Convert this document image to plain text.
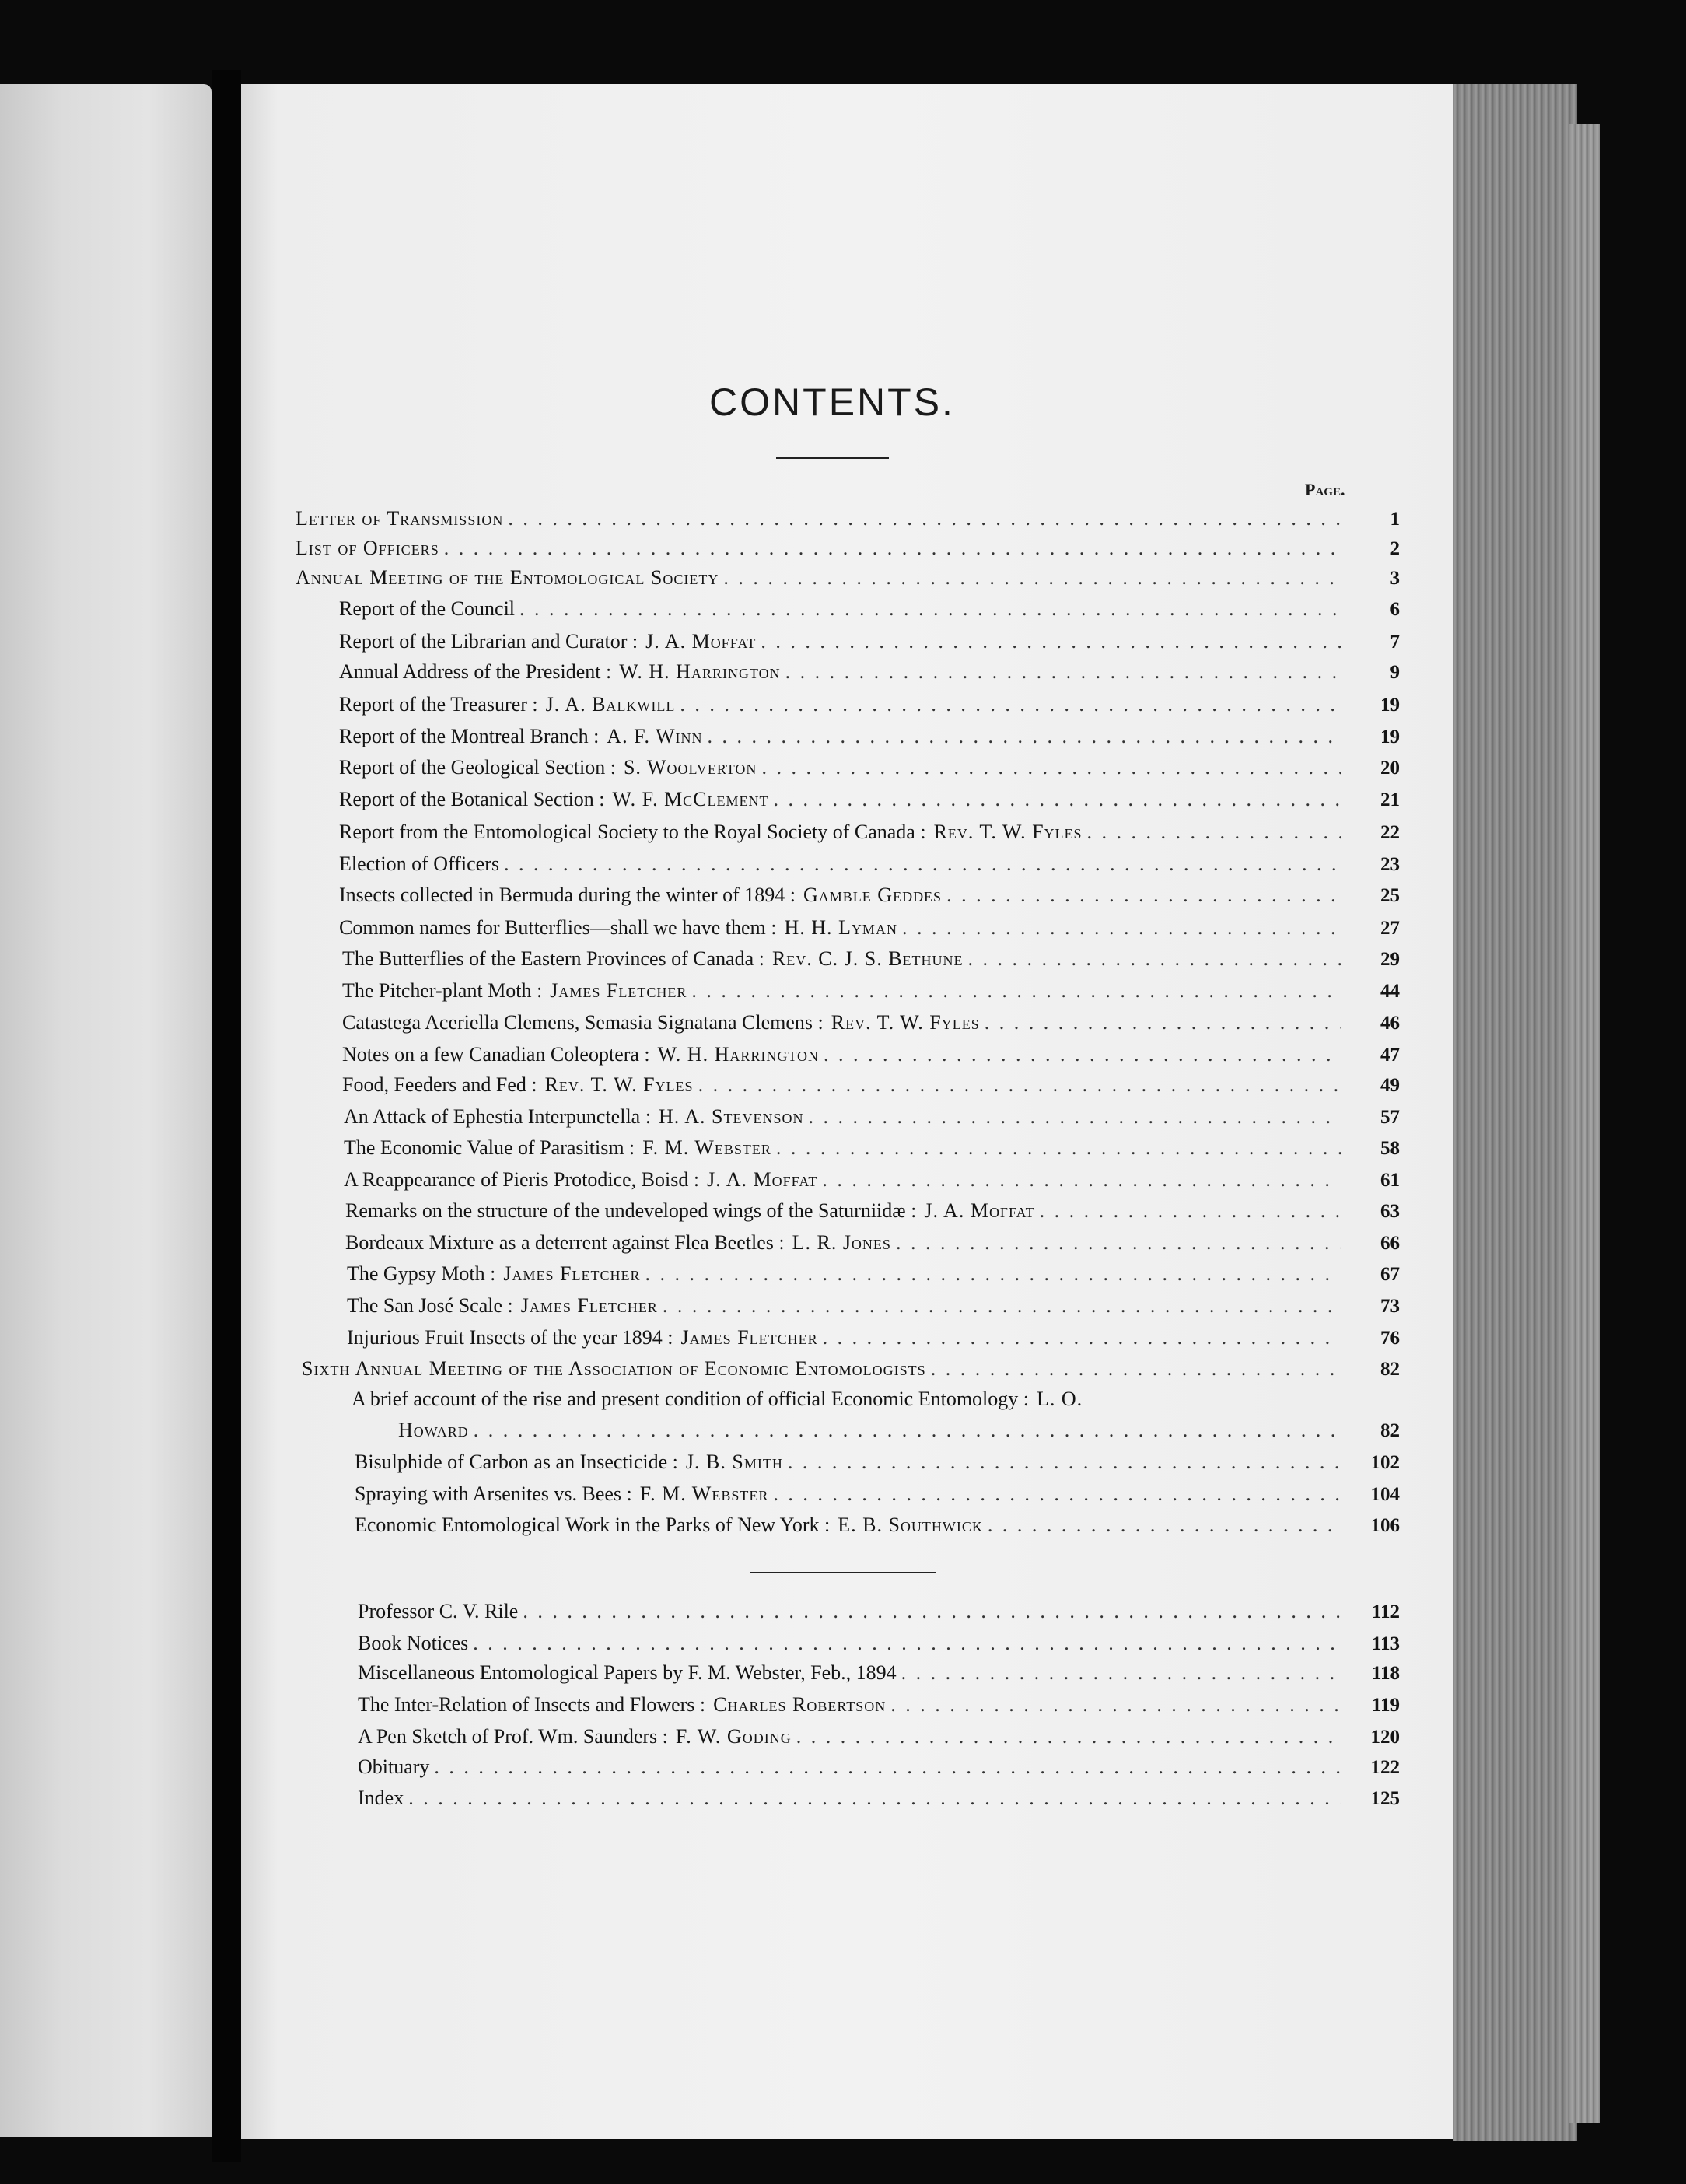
CONTENTS.
Page.
Letter of Transmission . . .	1
List of Officers . . .	2
Annual Meeting of the Entomological Society . . .	3
Report of the Council . . .	6
Report of the Librarian and Curator : J. A. Moffat . . .	7
Annual Address of the President : W. H. Harrington . . .	9
Report of the Treasurer : J. A. Balkwill . . .	19
Report of the Montreal Branch : A. F. Winn . . .	19
Report of the Geological Section : S. Woolverton . . .	20
Report of the Botanical Section : W. F. McClement . . .	21
Report from the Entomological Society to the Royal Society of Canada : Rev. T. W. Fyles . . .	22
Election of Officers . . .	23
Insects collected in Bermuda during the winter of 1894 : Gamble Geddes . . .	25
Common names for Butterflies—shall we have them : H. H. Lyman . . .	27
The Butterflies of the Eastern Provinces of Canada : Rev. C. J. S. Bethune . . .	29
The Pitcher-plant Moth : James Fletcher . . .	44
Catastega Aceriella Clemens, Semasia Signatana Clemens : Rev. T. W. Fyles . . .	46
Notes on a few Canadian Coleoptera : W. H. Harrington . . .	47
Food, Feeders and Fed : Rev. T. W. Fyles . . .	49
An Attack of Ephestia Interpunctella : H. A. Stevenson . . .	57
The Economic Value of Parasitism : F. M. Webster . . .	58
A Reappearance of Pieris Protodice, Boisd : J. A. Moffat . . .	61
Remarks on the structure of the undeveloped wings of the Saturniidæ : J. A. Moffat . . .	63
Bordeaux Mixture as a deterrent against Flea Beetles : L. R. Jones . . .	66
The Gypsy Moth : James Fletcher . . .	67
The San José Scale : James Fletcher . . .	73
Injurious Fruit Insects of the year 1894 : James Fletcher . . .	76
Sixth Annual Meeting of the Association of Economic Entomologists . . .	82
A brief account of the rise and present condition of official Economic Entomology : L. O.
Howard . . .	82
Bisulphide of Carbon as an Insecticide : J. B. Smith . . .	102
Spraying with Arsenites vs. Bees : F. M. Webster . . .	104
Economic Entomological Work in the Parks of New York : E. B. Southwick . . .	106
Professor C. V. Rile . . .	112
Book Notices . . .	113
Miscellaneous Entomological Papers by F. M. Webster, Feb., 1894 . . .	118
The Inter-Relation of Insects and Flowers : Charles Robertson . . .	119
A Pen Sketch of Prof. Wm. Saunders : F. W. Goding . . .	120
Obituary . . .	122
Index . . .	125
